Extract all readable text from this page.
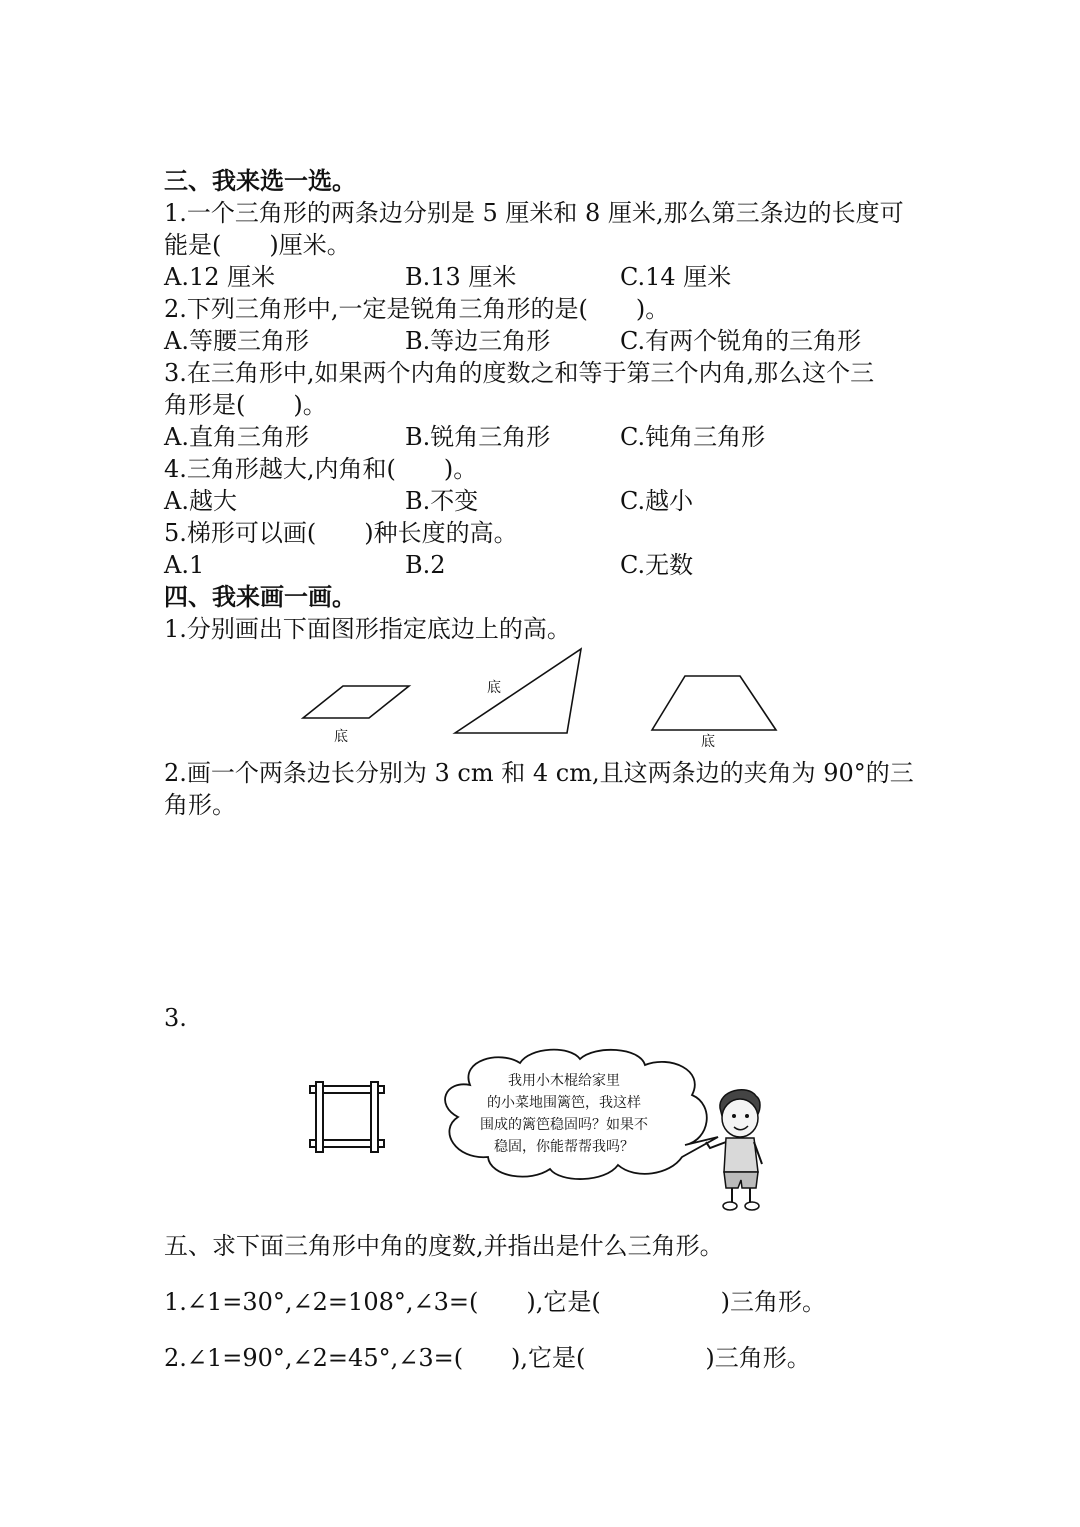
三、我来选一选。
1.一个三角形的两条边分别是 5 厘米和 8 厘米,那么第三条边的长度可
能是(　　)厘米。
A.12 厘米	B.13 厘米	C.14 厘米
2.下列三角形中,一定是锐角三角形的是(　　)。
A.等腰三角形	B.等边三角形	C.有两个锐角的三角形
3.在三角形中,如果两个内角的度数之和等于第三个内角,那么这个三
角形是(　　)。
A.直角三角形	B.锐角三角形	C.钝角三角形
4.三角形越大,内角和(　　)。
A.越大	B.不变	C.越小
5.梯形可以画(　　)种长度的高。
A.1	B.2	C.无数
四、我来画一画。
1.分别画出下面图形指定底边上的高。
底
底
底
2.画一个两条边长分别为 3 cm 和 4 cm,且这两条边的夹角为 90°的三
角形。
3.
我用小木棍给家里
的小菜地围篱笆，我这样
围成的篱笆稳固吗？如果不
稳固，你能帮帮我吗？
五、求下面三角形中角的度数,并指出是什么三角形。
1.∠1=30°,∠2=108°,∠3=(　　),它是(　　　　　)三角形。
2.∠1=90°,∠2=45°,∠3=(　　),它是(　　　　　)三角形。
